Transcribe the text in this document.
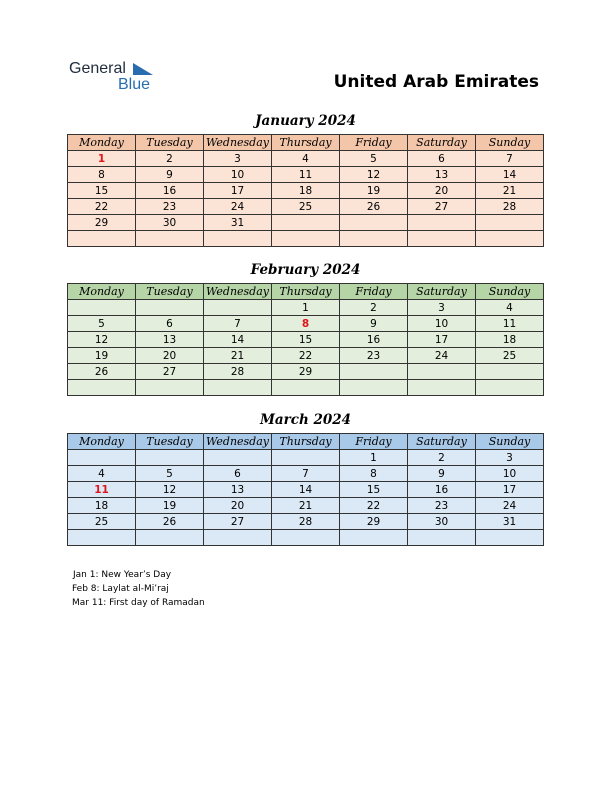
General
Blue	United Arab Emirates
January 2024
Monday	Tuesday	Wednesday	Thursday	Friday	Saturday	Sunday
1	2	3	4	5	6	7
8	9	10	11	12	13	14
15	16	17	18	19	20	21
22	23	24	25	26	27	28
29	30	31				

February 2024
Monday	Tuesday	Wednesday	Thursday	Friday	Saturday	Sunday
			1	2	3	4
5	6	7	8	9	10	11
12	13	14	15	16	17	18
19	20	21	22	23	24	25
26	27	28	29			

March 2024
Monday	Tuesday	Wednesday	Thursday	Friday	Saturday	Sunday
				1	2	3
4	5	6	7	8	9	10
11	12	13	14	15	16	17
18	19	20	21	22	23	24
25	26	27	28	29	30	31

Jan 1: New Year’s Day
Feb 8: Laylat al-Mi’raj
Mar 11: First day of Ramadan
